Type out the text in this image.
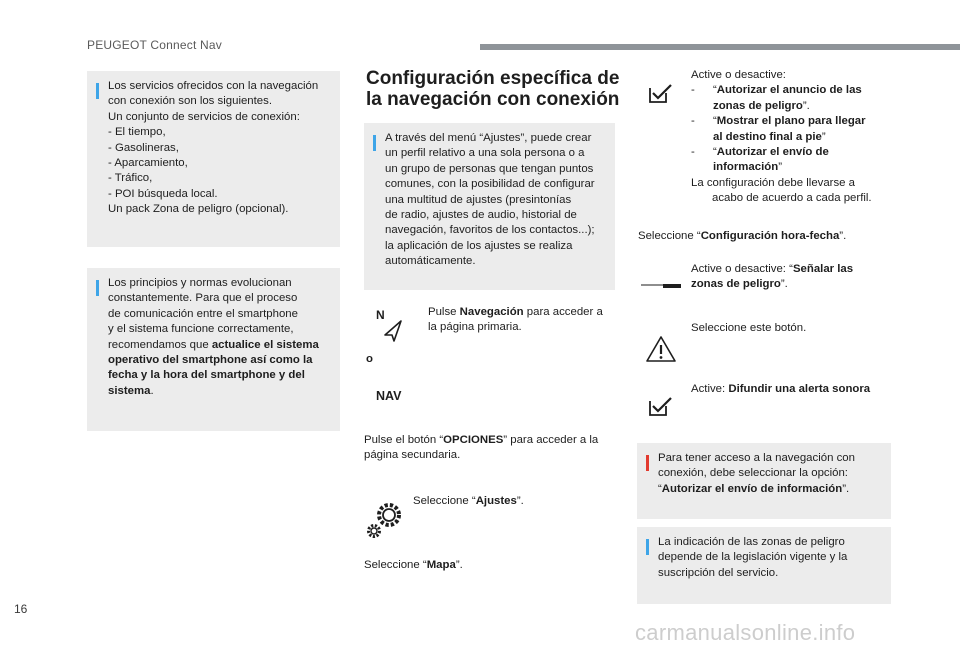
PEUGEOT Connect Nav
Los servicios ofrecidos con la navegación
con conexión son los siguientes.
Un conjunto de servicios de conexión:
- El tiempo,
- Gasolineras,
- Aparcamiento,
- Tráfico,
- POI búsqueda local.
Un pack Zona de peligro (opcional).
Los principios y normas evolucionan
constantemente. Para que el proceso
de comunicación entre el smartphone
y el sistema funcione correctamente,
recomendamos que actualice el sistema
operativo del smartphone así como la
fecha y la hora del smartphone y del
sistema.
Configuración específica de
la navegación con conexión
A través del menú “Ajustes”, puede crear
un perfil relativo a una sola persona o a
un grupo de personas que tengan puntos
comunes, con la posibilidad de configurar
una multitud de ajustes (presintonías
de radio, ajustes de audio, historial de
navegación, favoritos de los contactos...);
la aplicación de los ajustes se realiza
automáticamente.
N
o
NAV
Pulse Navegación para acceder a
la página primaria.
Pulse el botón “OPCIONES” para acceder a la
página secundaria.
Seleccione “Ajustes”.
Seleccione “Mapa”.
Active o desactive:
- “Autorizar el anuncio de las
zonas de peligro”.
- “Mostrar el plano para llegar
al destino final a pie”
- “Autorizar el envío de
información”
La configuración debe llevarse a
acabo de acuerdo a cada perfil.
Seleccione “Configuración hora-fecha”.
Active o desactive: “Señalar las
zonas de peligro”.
Seleccione este botón.
Active: Difundir una alerta sonora
Para tener acceso a la navegación con
conexión, debe seleccionar la opción:
“Autorizar el envío de información”.
La indicación de las zonas de peligro
depende de la legislación vigente y la
suscripción del servicio.
16
carmanualsonline.info
